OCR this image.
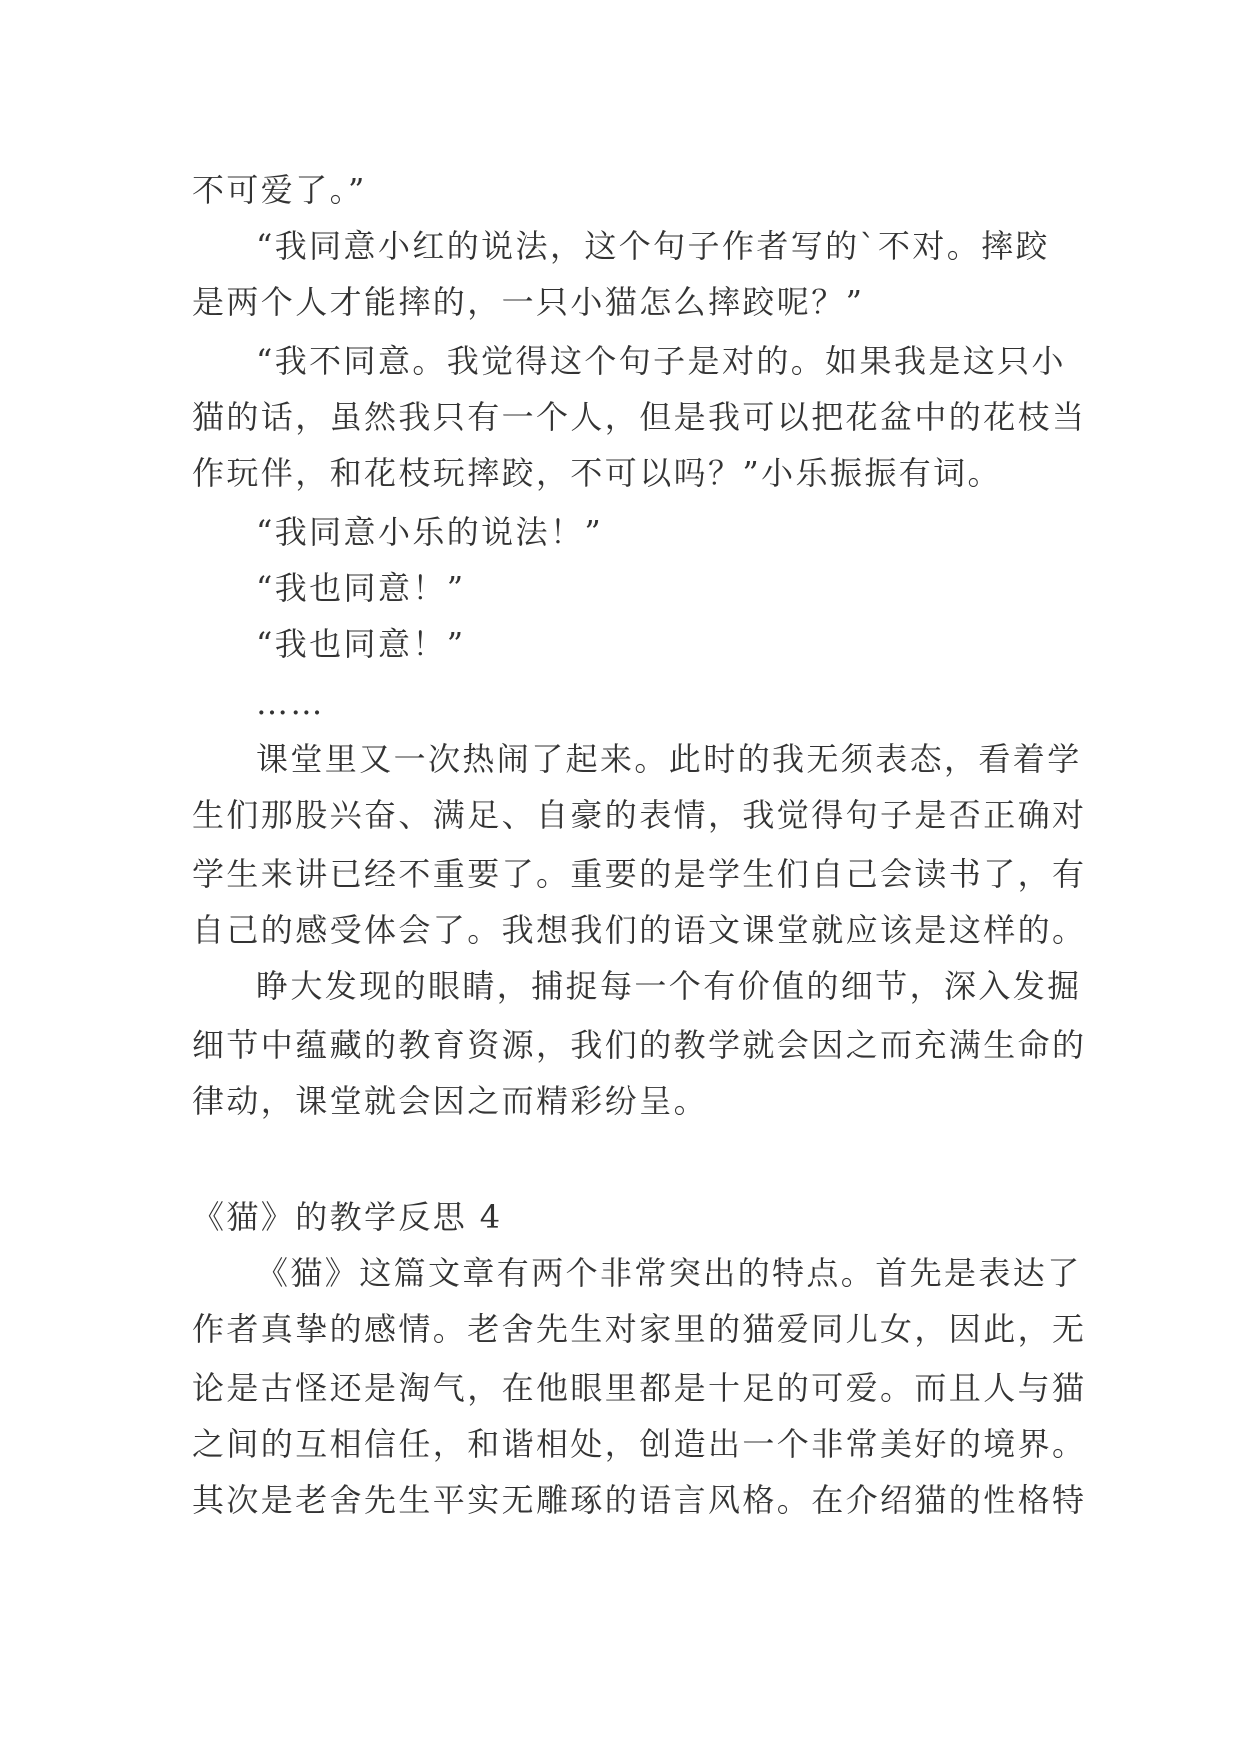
不可爱了。”
“我同意小红的说法，这个句子作者写的`不对。摔跤
是两个人才能摔的，一只小猫怎么摔跤呢？”
“我不同意。我觉得这个句子是对的。如果我是这只小
猫的话，虽然我只有一个人，但是我可以把花盆中的花枝当
作玩伴，和花枝玩摔跤，不可以吗？”小乐振振有词。
“我同意小乐的说法！”
“我也同意！”
“我也同意！”
……
课堂里又一次热闹了起来。此时的我无须表态，看着学
生们那股兴奋、满足、自豪的表情，我觉得句子是否正确对
学生来讲已经不重要了。重要的是学生们自己会读书了，有
自己的感受体会了。我想我们的语文课堂就应该是这样的。
睁大发现的眼睛，捕捉每一个有价值的细节，深入发掘
细节中蕴藏的教育资源，我们的教学就会因之而充满生命的
律动，课堂就会因之而精彩纷呈。
《猫》的教学反思 4
《猫》这篇文章有两个非常突出的特点。首先是表达了
作者真挚的感情。老舍先生对家里的猫爱同儿女，因此，无
论是古怪还是淘气，在他眼里都是十足的可爱。而且人与猫
之间的互相信任，和谐相处，创造出一个非常美好的境界。
其次是老舍先生平实无雕琢的语言风格。在介绍猫的性格特
